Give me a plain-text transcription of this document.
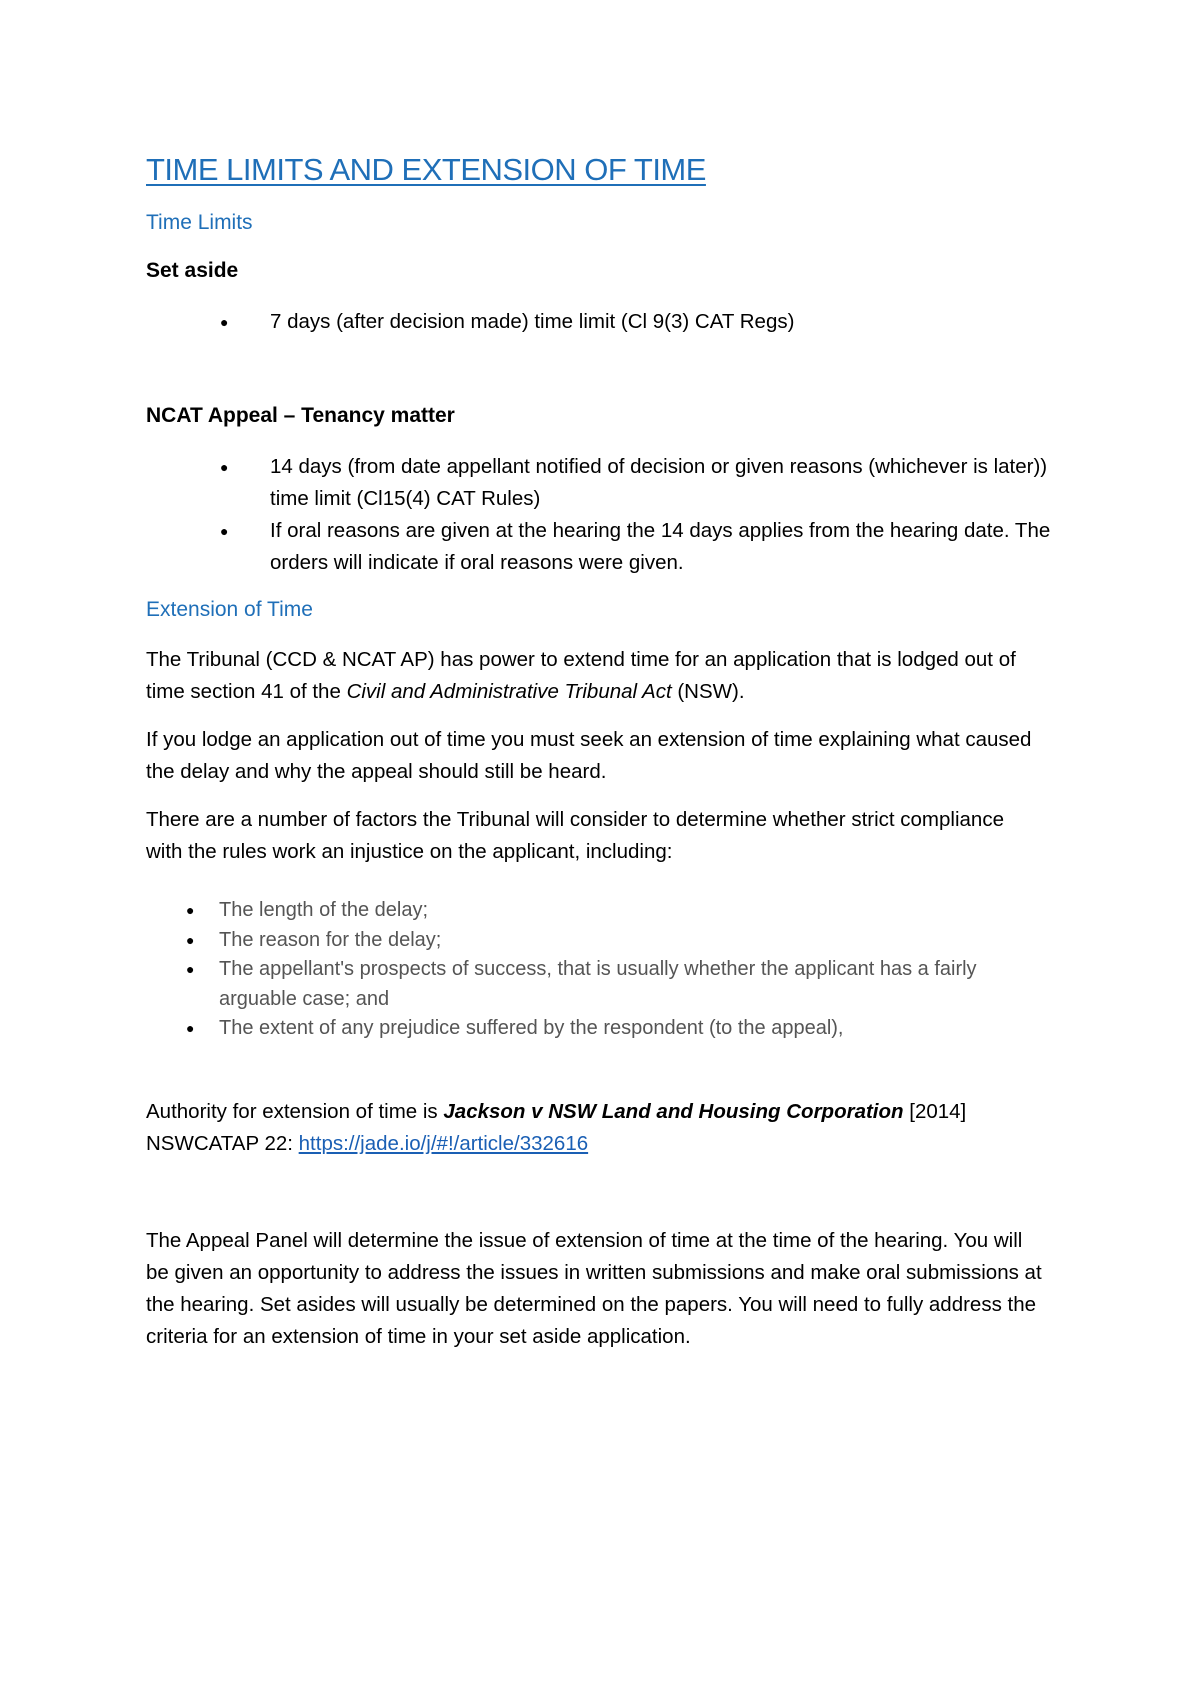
TIME LIMITS AND EXTENSION OF TIME
Time Limits
Set aside
● 7 days (after decision made) time limit (Cl 9(3) CAT Regs)
NCAT Appeal – Tenancy matter
● 14 days (from date appellant notified of decision or given reasons (whichever is later)) time limit (Cl15(4) CAT Rules)
● If oral reasons are given at the hearing the 14 days applies from the hearing date. The orders will indicate if oral reasons were given.
Extension of Time
The Tribunal (CCD & NCAT AP) has power to extend time for an application that is lodged out of time section 41 of the Civil and Administrative Tribunal Act (NSW).
If you lodge an application out of time you must seek an extension of time explaining what caused the delay and why the appeal should still be heard.
There are a number of factors the Tribunal will consider to determine whether strict compliance with the rules work an injustice on the applicant, including:
● The length of the delay;
● The reason for the delay;
● The appellant's prospects of success, that is usually whether the applicant has a fairly arguable case; and
● The extent of any prejudice suffered by the respondent (to the appeal),
Authority for extension of time is Jackson v NSW Land and Housing Corporation [2014] NSWCATAP 22: https://jade.io/j/#!/article/332616
The Appeal Panel will determine the issue of extension of time at the time of the hearing. You will be given an opportunity to address the issues in written submissions and make oral submissions at the hearing. Set asides will usually be determined on the papers. You will need to fully address the criteria for an extension of time in your set aside application.
